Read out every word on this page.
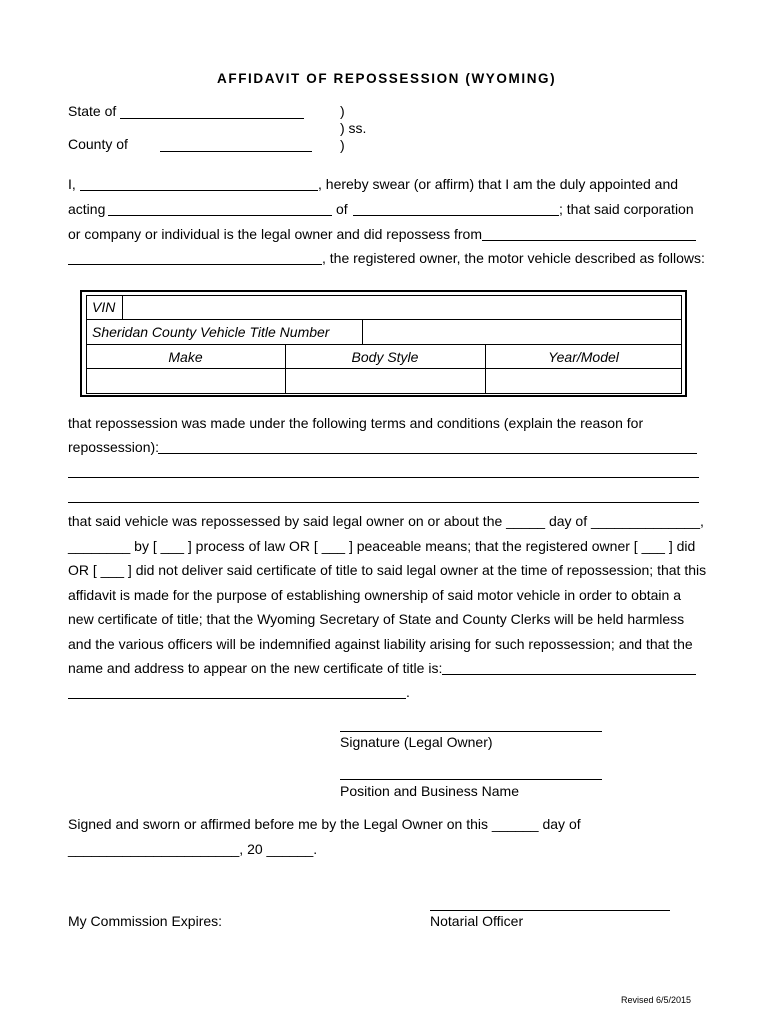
AFFIDAVIT OF REPOSSESSION (WYOMING)
State of
County of
)
) ss.
)
I,	, hereby swear (or affirm) that I am the duly appointed and
acting	of	; that said corporation
or company or individual is the legal owner and did repossess from
, the registered owner, the motor vehicle described as follows:
VIN
Sheridan County Vehicle Title Number
Make	Body Style	Year/Model
that repossession was made under the following terms and conditions (explain the reason for
repossession):
that said vehicle was repossessed by said legal owner on or about the _____ day of ______________,
________ by [ ___ ] process of law OR [ ___ ] peaceable means; that the registered owner [ ___ ] did
OR [ ___ ] did not deliver said certificate of title to said legal owner at the time of repossession; that this
affidavit is made for the purpose of establishing ownership of said motor vehicle in order to obtain a
new certificate of title; that the Wyoming Secretary of State and County Clerks will be held harmless
and the various officers will be indemnified against liability arising for such repossession; and that the
name and address to appear on the new certificate of title is:
.
Signature (Legal Owner)
Position and Business Name
Signed and sworn or affirmed before me by the Legal Owner on this ______ day of
______________________, 20 ______.
My Commission Expires:	Notarial Officer
Revised 6/5/2015
